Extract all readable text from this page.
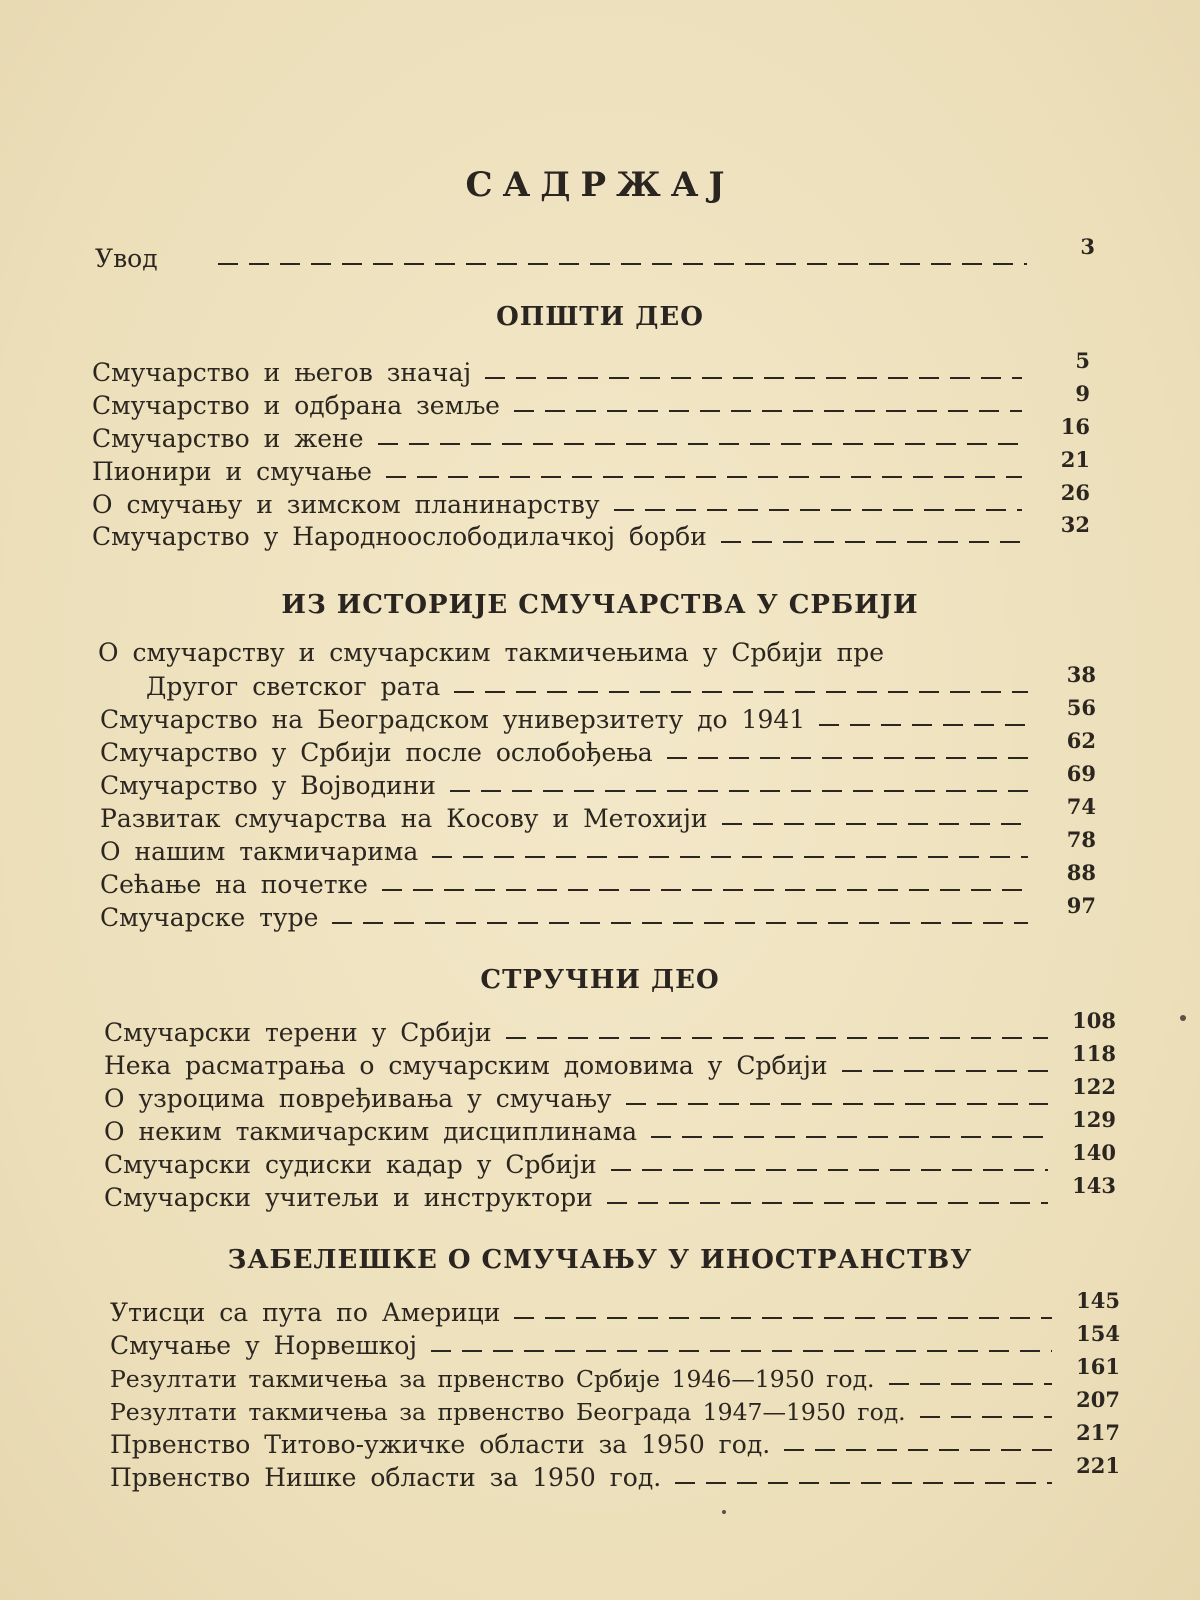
САДРЖАЈ
Увод	3
ОПШТИ ДЕО
Смучарство и његов значај	5
Смучарство и одбрана земље	9
Смучарство и жене	16
Пионири и смучање	21
О смучању и зимском планинарству	26
Смучарство у Народноослободилачкој борби	32
ИЗ ИСТОРИЈЕ СМУЧАРСТВА У СРБИЈИ
О смучарству и смучарским такмичењима у Србији пре
Другог светског рата	38
Смучарство на Београдском универзитету до 1941	56
Смучарство у Србији после ослобођења	62
Смучарство у Војводини	69
Развитак смучарства на Косову и Метохији	74
О нашим такмичарима	78
Сећање на почетке	88
Смучарске туре	97
СТРУЧНИ ДЕО
Смучарски терени у Србији	108
Нека расматрања о смучарским домовима у Србији	118
О узроцима повређивања у смучању	122
О неким такмичарским дисциплинама	129
Смучарски судиски кадар у Србији	140
Смучарски учитељи и инструктори	143
ЗАБЕЛЕШКЕ О СМУЧАЊУ У ИНОСТРАНСТВУ
Утисци са пута по Америци	145
Смучање у Норвешкој	154
Резултати такмичења за првенство Србије 1946—1950 год.	161
Резултати такмичења за првенство Београда 1947—1950 год.	207
Првенство Титово-ужичке области за 1950 год.	217
Првенство Нишке области за 1950 год.	221
